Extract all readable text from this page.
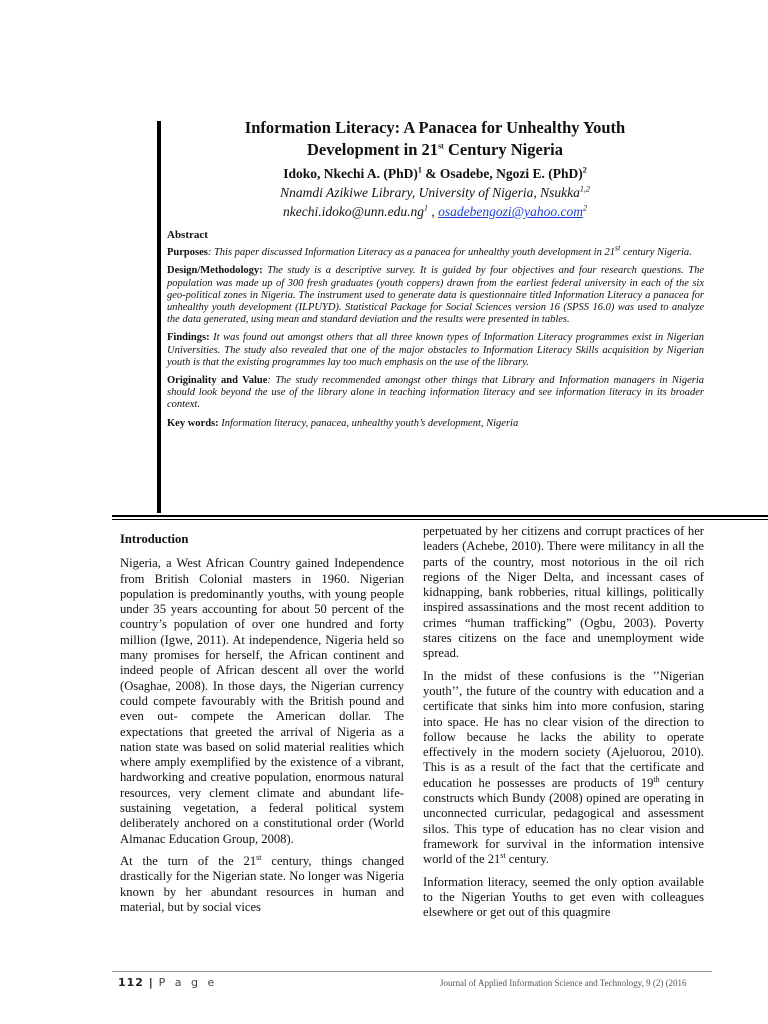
Information Literacy: A Panacea for Unhealthy Youth
Development in 21st Century Nigeria
Idoko, Nkechi A. (PhD)$^1$ & Osadebe, Ngozi E. (PhD)$^2$
Nnamdi Azikiwe Library, University of Nigeria, Nsukka$^{1,2}$
$nkechi.idoko@unn.edu.ng^1$ , osadebengozi@yahoo.com$^2$

Abstract

Purposes: This paper discussed Information Literacy as a panacea for unhealthy youth development in 21st century Nigeria.

Design/Methodology: The study is a descriptive survey. It is guided by four objectives and four research questions. The population was made up of 300 fresh graduates (youth coppers) drawn from the earliest federal university in each of the six geo-political zones in Nigeria. The instrument used to generate data is questionnaire titled Information Literacy a panacea for unhealthy youth development (ILPUYD). Statistical Package for Social Sciences version 16 (SPSS 16.0) was used to analyze the data generated, using mean and standard deviation and the results were presented in tables.

Findings: It was found out amongst others that all three known types of Information Literacy programmes exist in Nigerian Universities. The study also revealed that one of the major obstacles to Information Literacy Skills acquisition by Nigerian youth is that the existing programmes lay too much emphasis on the use of the library.

Originality and Value: The study recommended amongst other things that Library and Information managers in Nigeria should look beyond the use of the library alone in teaching information literacy and see information literacy in its broader context.

Key words: Information literacy, panacea, unhealthy youth’s development, Nigeria

Introduction

Nigeria, a West African Country gained Independence from British Colonial masters in 1960. Nigerian population is predominantly youths, with young people under 35 years accounting for about 50 percent of the country’s population of over one hundred and forty million (Igwe, 2011). At independence, Nigeria held so many promises for herself, the African continent and indeed people of African descent all over the world (Osaghae, 2008). In those days, the Nigerian currency could compete favourably with the British pound and even out- compete the American dollar. The expectations that greeted the arrival of Nigeria as a nation state was based on solid material realities which where amply exemplified by the existence of a vibrant, hardworking and creative population, enormous natural resources, very clement climate and abundant life-sustaining vegetation, a federal political system deliberately anchored on a constitutional order (World Almanac Education Group, 2008).

At the turn of the 21st century, things changed drastically for the Nigerian state. No longer was Nigeria known by her abundant resources in human and material, but by social vices

perpetuated by her citizens and corrupt practices of her leaders (Achebe, 2010). There were militancy in all the parts of the country, most notorious in the oil rich regions of the Niger Delta, and incessant cases of kidnapping, bank robberies, ritual killings, politically inspired assassinations and the most recent addition to crimes “human trafficking” (Ogbu, 2003). Poverty stares citizens on the face and unemployment wide spread.

In the midst of these confusions is the ’’Nigerian youth’’, the future of the country with education and a certificate that sinks him into more confusion, staring into space. He has no clear vision of the direction to follow because he lacks the ability to operate effectively in the modern society (Ajeluorou, 2010). This is as a result of the fact that the certificate and education he possesses are products of 19th century constructs which Bundy (2008) opined are operating in unconnected curricular, pedagogical and assessment silos. This type of education has no clear vision and framework for survival in the information intensive world of the 21st century.

Information literacy, seemed the only option available to the Nigerian Youths to get even with colleagues elsewhere or get out of this quagmire

112 | P a g e	Journal of Applied Information Science and Technology, 9 (2) (2016
